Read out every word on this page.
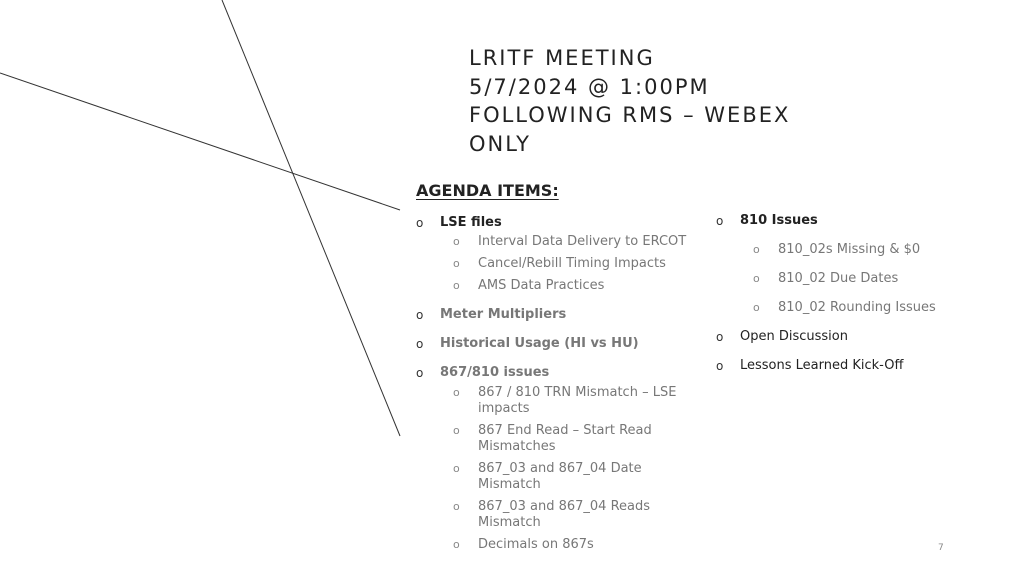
LRITF MEETING
5/7/2024 @ 1:00PM
FOLLOWING RMS – WEBEX
ONLY
AGENDA ITEMS:
o LSE files
o Interval Data Delivery to ERCOT
o Cancel/Rebill Timing Impacts
o AMS Data Practices
o Meter Multipliers
o Historical Usage (HI vs HU)
o 867/810 issues
o 867 / 810 TRN Mismatch – LSE impacts
o 867 End Read – Start Read Mismatches
o 867_03 and 867_04 Date Mismatch
o 867_03 and 867_04 Reads Mismatch
o Decimals on 867s
o 810 Issues
o 810_02s Missing & $0
o 810_02 Due Dates
o 810_02 Rounding Issues
o Open Discussion
o Lessons Learned Kick-Off
7
